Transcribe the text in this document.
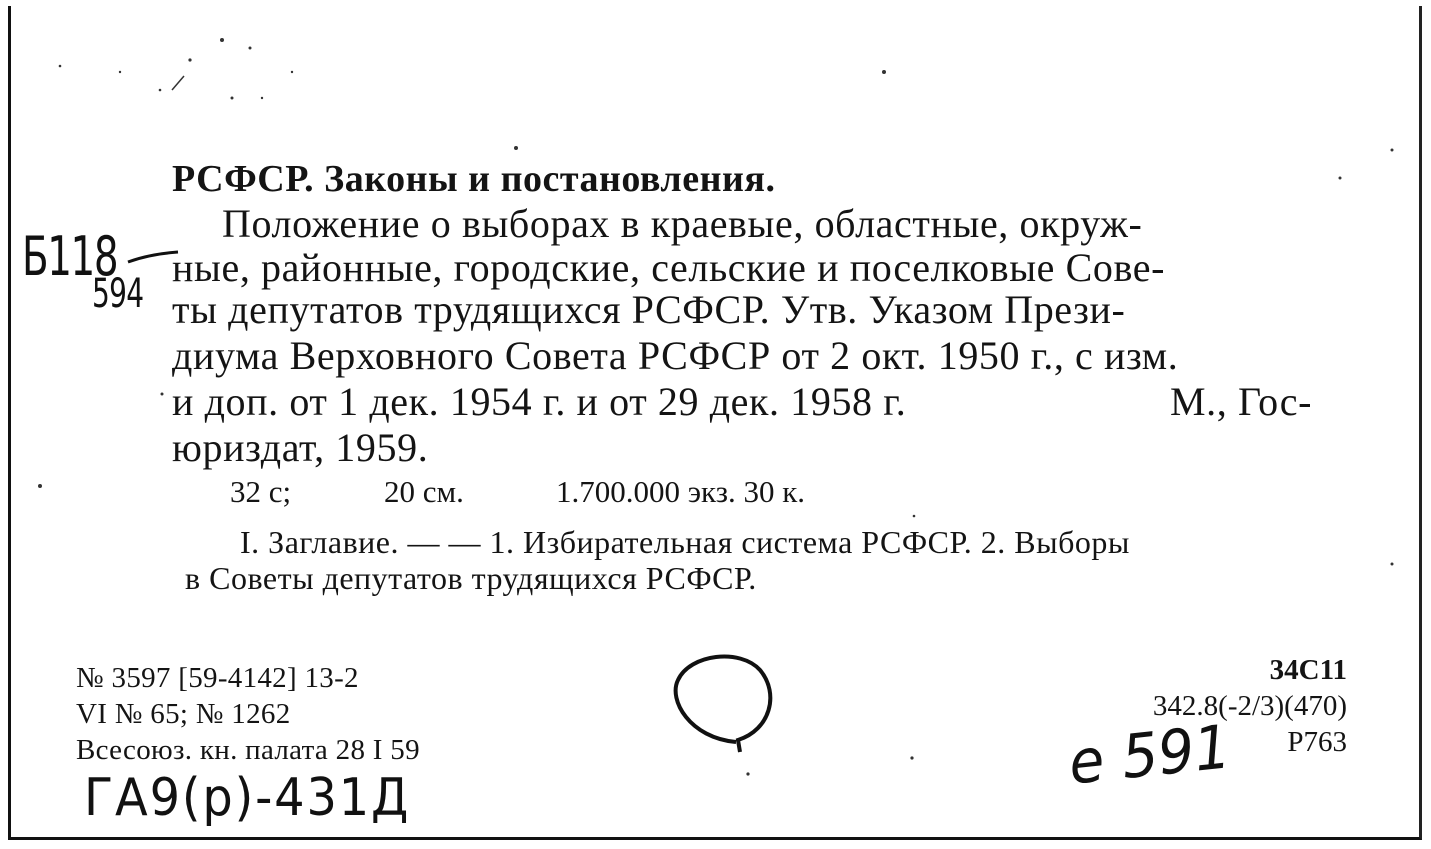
РСФСР. Законы и постановления.
Положение о выборах в краевые, областные, окруж-
ные, районные, городские, сельские и поселковые Сове-
ты депутатов трудящихся РСФСР. Утв. Указом Прези-
диума Верховного Совета РСФСР от 2 окт. 1950 г., с изм.
и доп. от 1 дек. 1954 г. и от 29 дек. 1958 г.	М., Гос-
юриздат, 1959.
32 с;	20 см.	1.700.000 экз. 30 к.
I. Заглавие. — — 1. Избирательная система РСФСР. 2. Выборы
в Советы депутатов трудящихся РСФСР.
№ 3597 [59-4142] 13-2
VI № 65; № 1262
Всесоюз. кн. палата 28 I 59
34С11
342.8(-2/3)(470)
Р763
Б118
594
ГА9(р)-431Д	е 591
